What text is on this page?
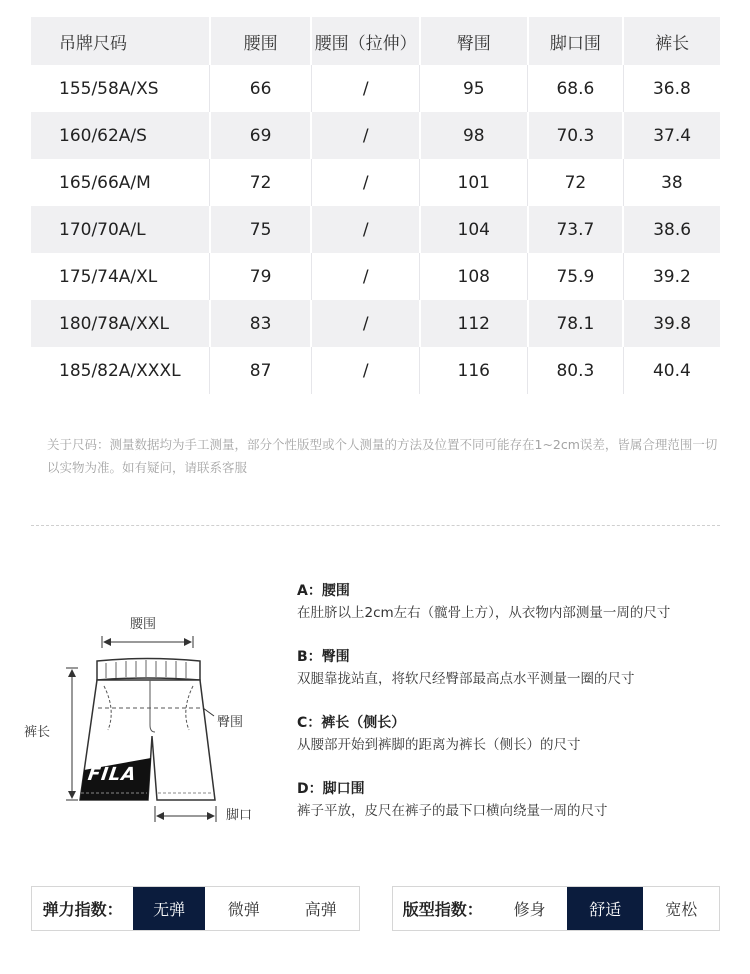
吊牌尺码	腰围	腰围（拉伸）	臀围	脚口围	裤长
155/58A/XS	66	/	95	68.6	36.8
160/62A/S	69	/	98	70.3	37.4
165/66A/M	72	/	101	72	38
170/70A/L	75	/	104	73.7	38.6
175/74A/XL	79	/	108	75.9	39.2
180/78A/XXL	83	/	112	78.1	39.8
185/82A/XXXL	87	/	116	80.3	40.4
关于尺码：测量数据均为手工测量，部分个性版型或个人测量的方法及位置不同可能存在1~2cm误差，皆属合理范围一切以实物为准。如有疑问，请联系客服
腰围
臀围
裤长
脚口
FILA
A：腰围
在肚脐以上2cm左右（髋骨上方），从衣物内部测量一周的尺寸
B：臀围
双腿靠拢站直，将软尺经臀部最高点水平测量一圈的尺寸
C：裤长（侧长）
从腰部开始到裤脚的距离为裤长（侧长）的尺寸
D：脚口围
裤子平放，皮尺在裤子的最下口横向绕量一周的尺寸
弹力指数：	无弹	微弹	高弹	版型指数：	修身	舒适	宽松
